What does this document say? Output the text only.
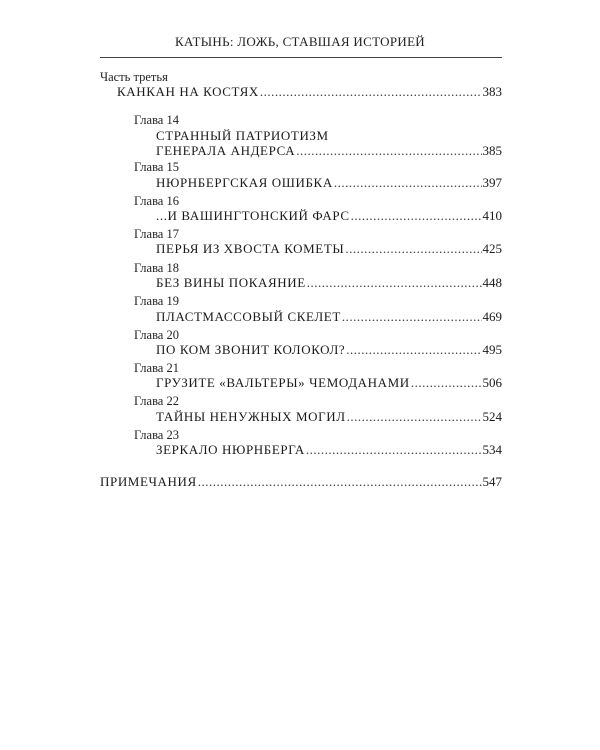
КАТЫНЬ: ЛОЖЬ, СТАВШАЯ ИСТОРИЕЙ
Часть третья
КАНКАН НА КОСТЯХ .....	383
Глава 14
СТРАННЫЙ ПАТРИОТИЗМ
ГЕНЕРАЛА АНДЕРСА .....	385
Глава 15
НЮРНБЕРГСКАЯ ОШИБКА .....	397
Глава 16
...И ВАШИНГТОНСКИЙ ФАРС .....	410
Глава 17
ПЕРЬЯ ИЗ ХВОСТА КОМЕТЫ .....	425
Глава 18
БЕЗ ВИНЫ ПОКАЯНИЕ .....	448
Глава 19
ПЛАСТМАССОВЫЙ СКЕЛЕТ .....	469
Глава 20
ПО КОМ ЗВОНИТ КОЛОКОЛ? .....	495
Глава 21
ГРУЗИТЕ «ВАЛЬТЕРЫ» ЧЕМОДАНАМИ .....	506
Глава 22
ТАЙНЫ НЕНУЖНЫХ МОГИЛ .....	524
Глава 23
ЗЕРКАЛО НЮРНБЕРГА .....	534
ПРИМЕЧАНИЯ .....	547
